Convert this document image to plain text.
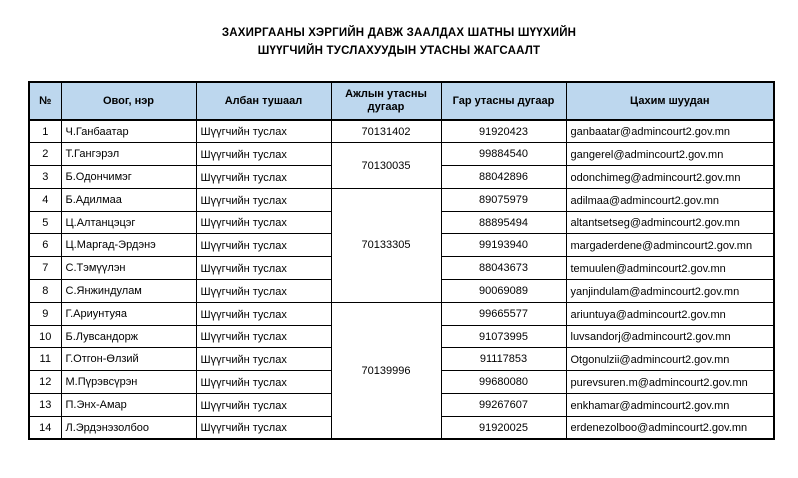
ЗАХИРГААНЫ ХЭРГИЙН ДАВЖ ЗААЛДАХ ШАТНЫ ШҮҮХИЙН
ШҮҮГЧИЙН ТУСЛАХУУДЫН УТАСНЫ ЖАГСААЛТ
№	Овог, нэр	Албан тушаал	Ажлын утасны дугаар	Гар утасны дугаар	Цахим шуудан
1	Ч.Ганбаатар	Шүүгчийн туслах	70131402	91920423	ganbaatar@admincourt2.gov.mn
2	Т.Гангэрэл	Шүүгчийн туслах	70130035	99884540	gangerel@admincourt2.gov.mn
3	Б.Одончимэг	Шүүгчийн туслах		88042896	odonchimeg@admincourt2.gov.mn
4	Б.Адилмаа	Шүүгчийн туслах	70133305	89075979	adilmaa@admincourt2.gov.mn
5	Ц.Алтанцэцэг	Шүүгчийн туслах		88895494	altantsetseg@admincourt2.gov.mn
6	Ц.Маргад-Эрдэнэ	Шүүгчийн туслах		99193940	margaderdene@admincourt2.gov.mn
7	С.Тэмүүлэн	Шүүгчийн туслах		88043673	temuulen@admincourt2.gov.mn
8	С.Янжиндулам	Шүүгчийн туслах		90069089	yanjindulam@admincourt2.gov.mn
9	Г.Ариунтуяа	Шүүгчийн туслах	70139996	99665577	ariuntuya@admincourt2.gov.mn
10	Б.Лувсандорж	Шүүгчийн туслах		91073995	luvsandorj@admincourt2.gov.mn
11	Г.Отгон-Өлзий	Шүүгчийн туслах		91117853	Otgonulzii@admincourt2.gov.mn
12	М.Пүрэвсүрэн	Шүүгчийн туслах		99680080	purevsuren.m@admincourt2.gov.mn
13	П.Энх-Амар	Шүүгчийн туслах		99267607	enkhamar@admincourt2.gov.mn
14	Л.Эрдэнэзолбоо	Шүүгчийн туслах		91920025	erdenezolboo@admincourt2.gov.mn
